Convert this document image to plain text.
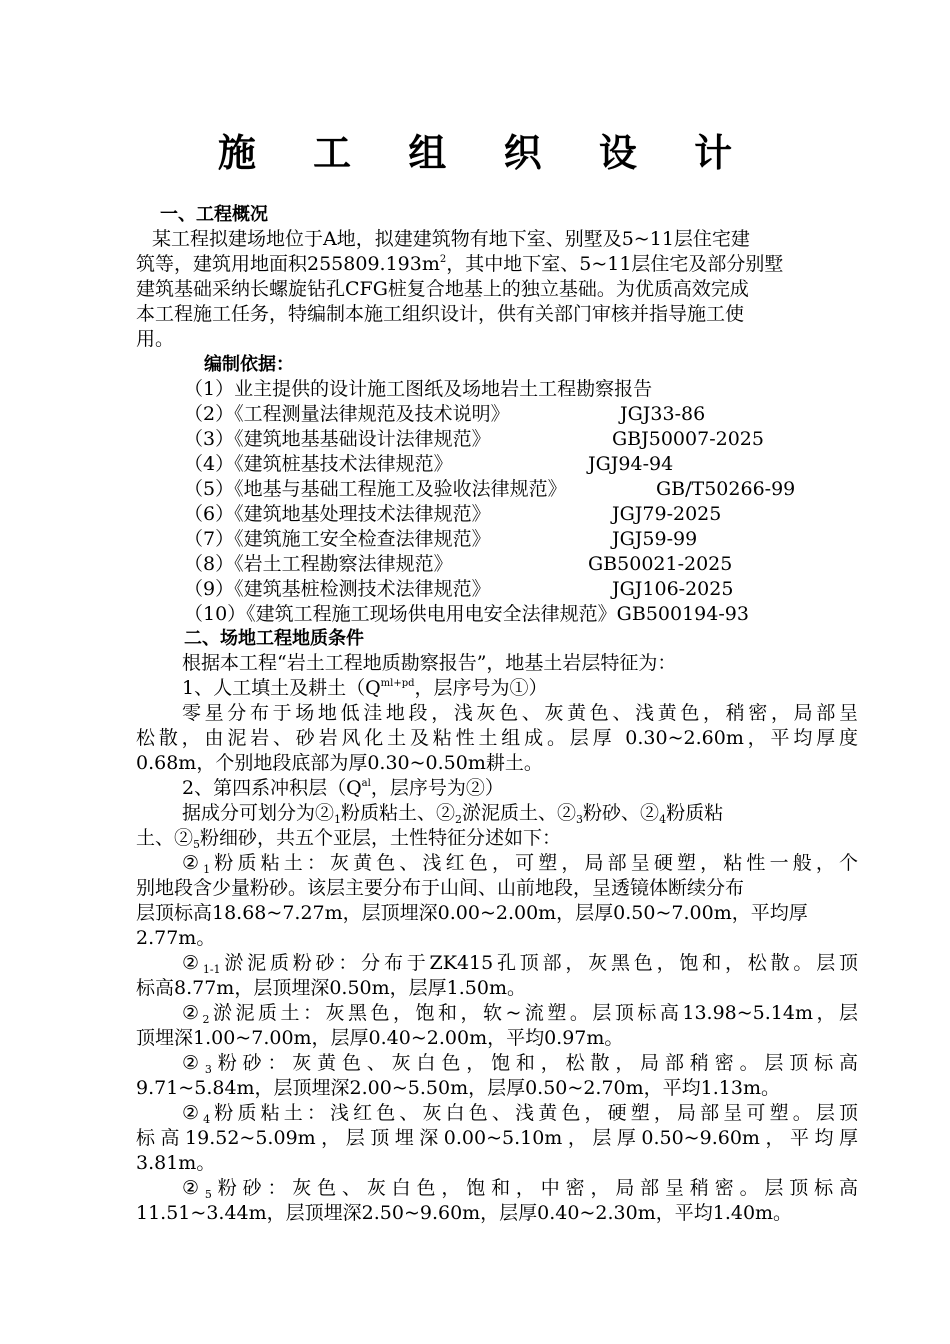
施 工 组 织 设 计
一、工程概况
某工程拟建场地位于A地，拟建建筑物有地下室、别墅及5~11层住宅建
筑等，建筑用地面积$255809.193m^2$，其中地下室、5~11层住宅及部分别墅
建筑基础采纳长螺旋钻孔CFG桩复合地基上的独立基础。为优质高效完成
本工程施工任务，特编制本施工组织设计，供有关部门审核并指导施工使
用。
编制依据：
（1）业主提供的设计施工图纸及场地岩土工程勘察报告
（2）《工程测量法律规范及技术说明》	JGJ33-86
（3）《建筑地基基础设计法律规范》	GBJ50007-2025
（4）《建筑桩基技术法律规范》	JGJ94-94
（5）《地基与基础工程施工及验收法律规范》	GB/T50266-99
（6）《建筑地基处理技术法律规范》	JGJ79-2025
（7）《建筑施工安全检查法律规范》	JGJ59-99
（8）《岩土工程勘察法律规范》	GB50021-2025
（9）《建筑基桩检测技术法律规范》	JGJ106-2025
（10）《建筑工程施工现场供电用电安全法律规范》GB500194-93
二、场地工程地质条件
根据本工程“岩土工程地质勘察报告”，地基土岩层特征为：
1、人工填土及耕土（$Q^{ml+pd}$，层序号为①）
零星分布于场地低洼地段，浅灰色、灰黄色、浅黄色，稍密，局部呈
松散，由泥岩、砂岩风化土及粘性土组成。层厚 0.30~2.60m，平均厚度
0.68m，个别地段底部为厚0.30~0.50m耕土。
2、第四系冲积层（$Q^{al}$，层序号为②）
据成分可划分为$②_1$粉质粘土、$②_2$淤泥质土、$②_3$粉砂、$②_4$粉质粘
土、$②_5$粉细砂，共五个亚层，土性特征分述如下：
$②_1$粉质粘土：灰黄色、浅红色，可塑，局部呈硬塑，粘性一般，个
别地段含少量粉砂。该层主要分布于山间、山前地段，呈透镜体断续分布
层顶标高18.68~7.27m，层顶埋深0.00~2.00m，层厚0.50~7.00m，平均厚
2.77m。
$②_{1-1}$淤泥质粉砂：分布于ZK415孔顶部，灰黑色，饱和，松散。层顶
标高8.77m，层顶埋深0.50m，层厚1.50m。
$②_2$淤泥质土：灰黑色，饱和，软~流塑。层顶标高13.98~5.14m，层
顶埋深1.00~7.00m，层厚0.40~2.00m，平均0.97m。
$②_3$粉砂：灰黄色、灰白色，饱和，松散，局部稍密。层顶标高
9.71~5.84m，层顶埋深2.00~5.50m，层厚0.50~2.70m，平均1.13m。
$②_4$粉质粘土：浅红色、灰白色、浅黄色，硬塑，局部呈可塑。层顶
标高19.52~5.09m，层顶埋深0.00~5.10m，层厚0.50~9.60m，平均厚
3.81m。
$②_5$粉砂：灰色、灰白色，饱和，中密，局部呈稍密。层顶标高
11.51~3.44m，层顶埋深2.50~9.60m，层厚0.40~2.30m，平均1.40m。
